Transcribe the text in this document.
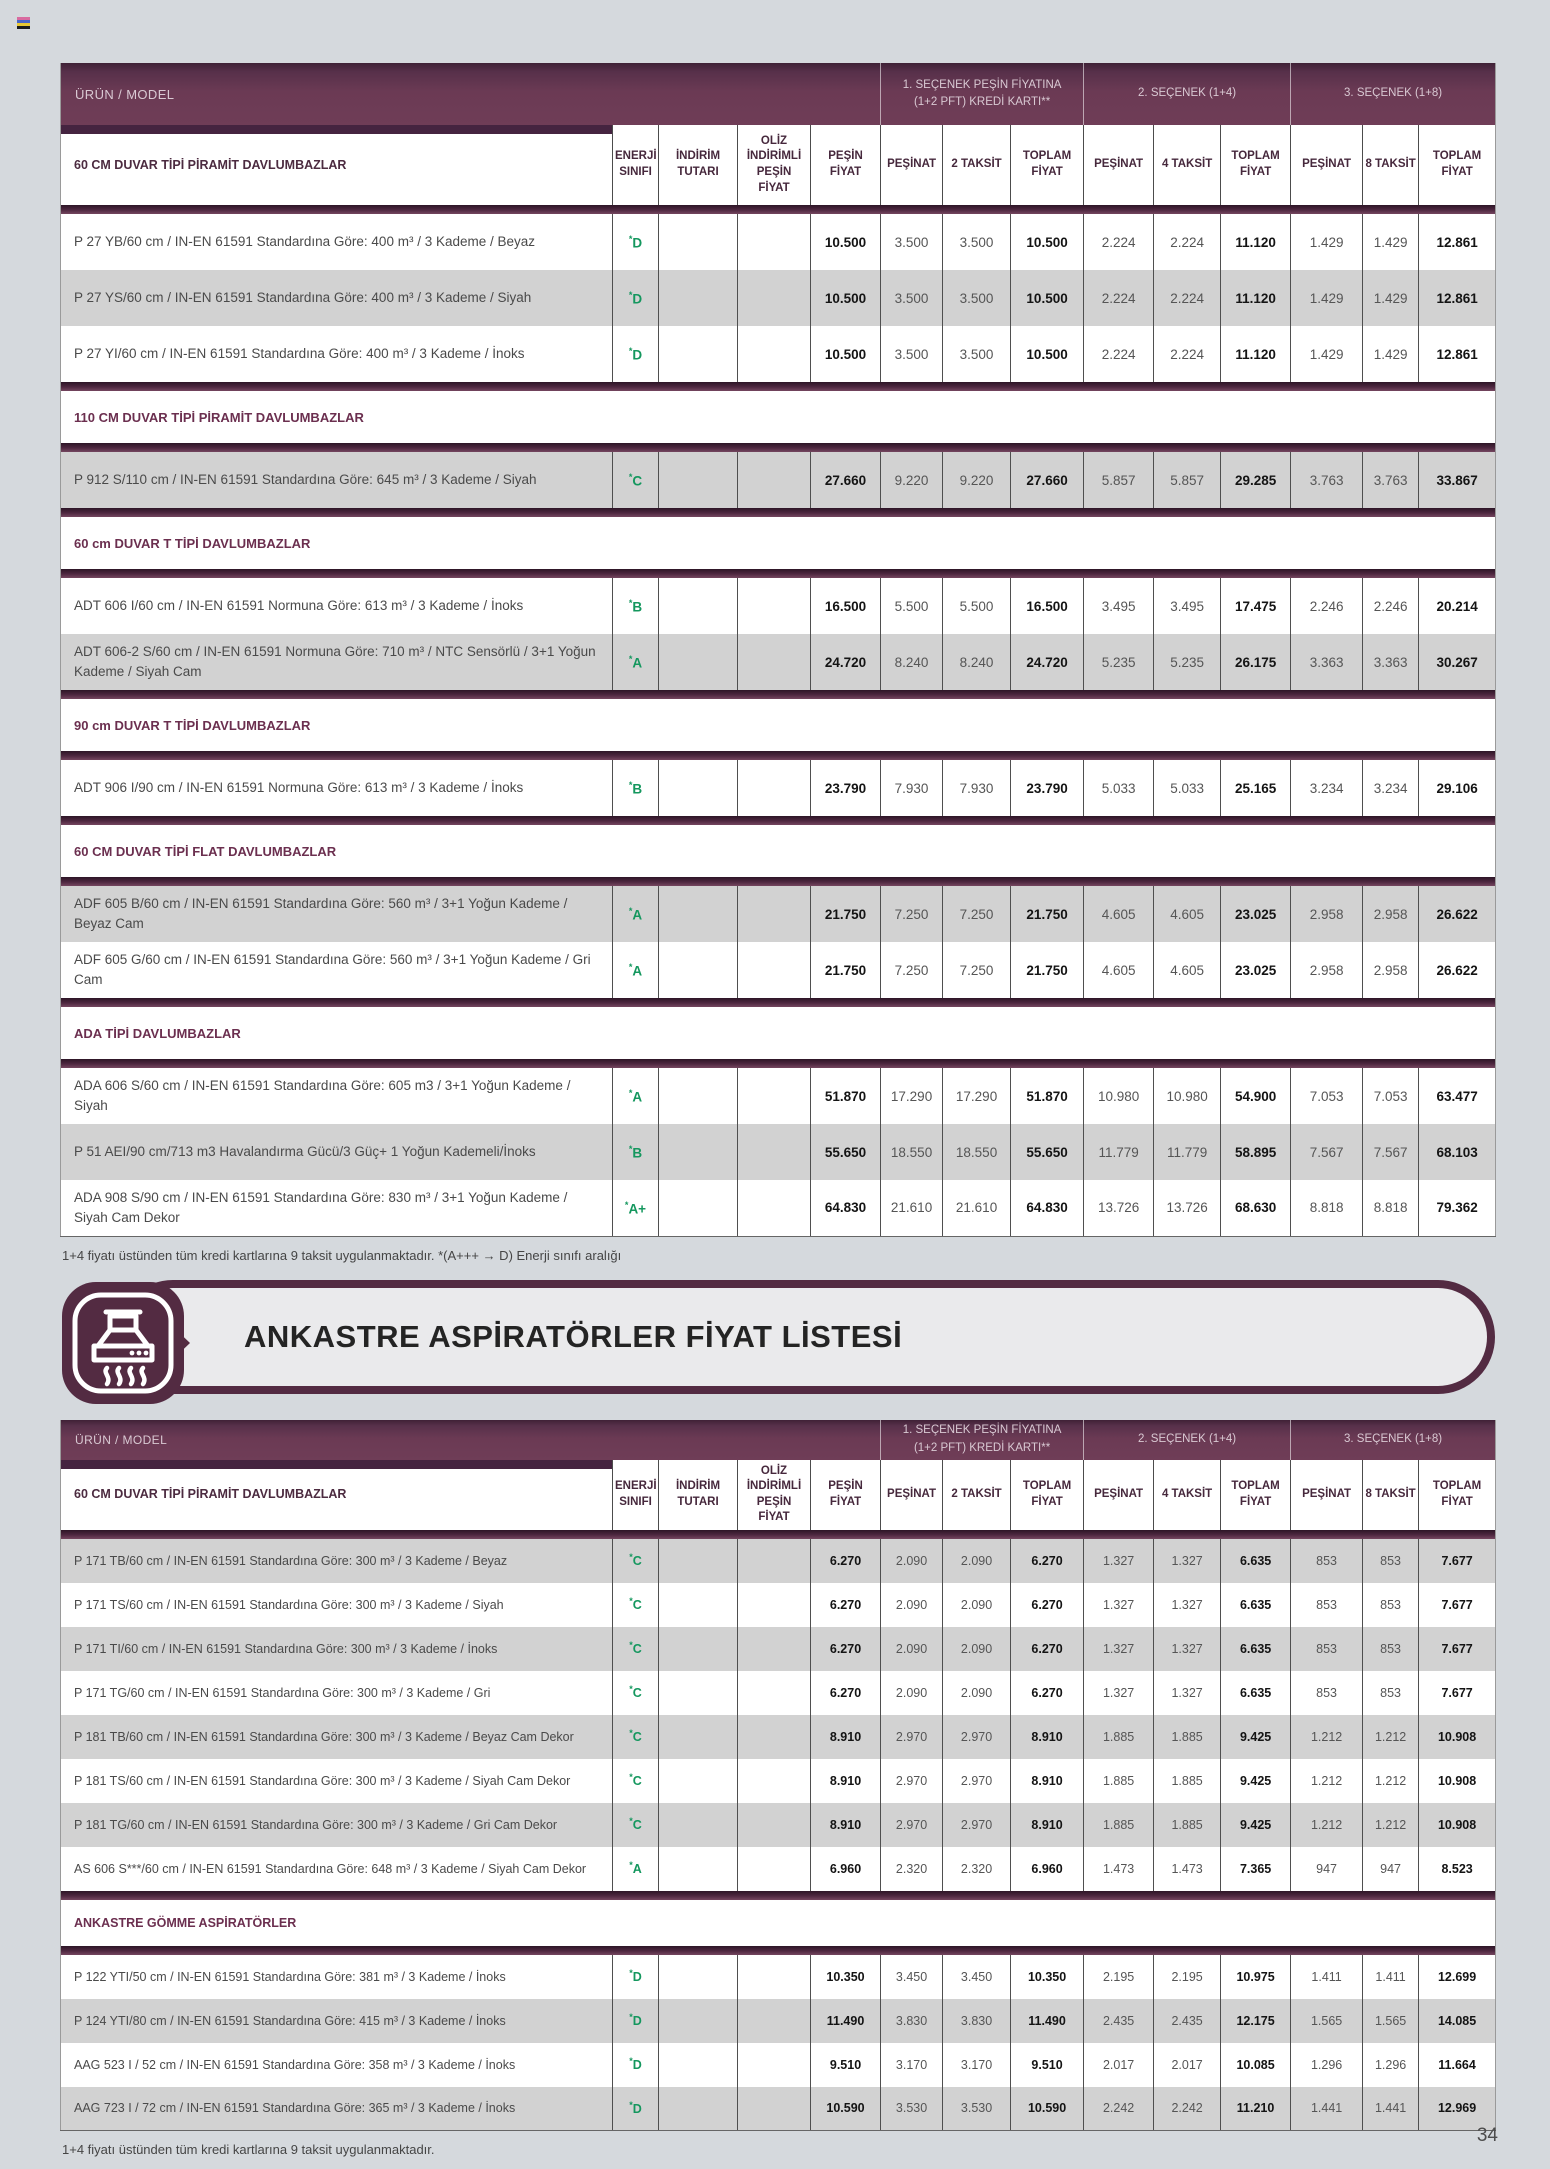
ÜRÜN / MODEL					1. SEÇENEK PEŞİN FİYATINA
(1+2 PFT) KREDİ KARTI**			2. SEÇENEK (1+4)			3. SEÇENEK (1+8)		
60 CM DUVAR TİPİ PİRAMİT DAVLUMBAZLAR	ENERJİ SINIFI	İNDİRİM TUTARI	OLİZ İNDİRİMLİ PEŞİN FİYAT	PEŞİN FİYAT	PEŞİNAT	2 TAKSİT	TOPLAM FİYAT	PEŞİNAT	4 TAKSİT	TOPLAM FİYAT	PEŞİNAT	8 TAKSİT	TOPLAM FİYAT

P 27 YB/60 cm / IN-EN 61591 Standardına Göre: 400 m³ / 3 Kademe / Beyaz	*D			10.500	3.500	3.500	10.500	2.224	2.224	11.120	1.429	1.429	12.861
P 27 YS/60 cm / IN-EN 61591 Standardına Göre: 400 m³ / 3 Kademe / Siyah	*D			10.500	3.500	3.500	10.500	2.224	2.224	11.120	1.429	1.429	12.861
P 27 YI/60 cm / IN-EN 61591 Standardına Göre: 400 m³ / 3 Kademe / İnoks	*D			10.500	3.500	3.500	10.500	2.224	2.224	11.120	1.429	1.429	12.861

110 CM DUVAR TİPİ PİRAMİT DAVLUMBAZLAR													

P 912 S/110 cm / IN-EN 61591 Standardına Göre: 645 m³ / 3 Kademe / Siyah	*C			27.660	9.220	9.220	27.660	5.857	5.857	29.285	3.763	3.763	33.867

60 cm DUVAR T TİPİ DAVLUMBAZLAR													

ADT 606 I/60 cm / IN-EN 61591 Normuna Göre: 613 m³ / 3 Kademe / İnoks	*B			16.500	5.500	5.500	16.500	3.495	3.495	17.475	2.246	2.246	20.214
ADT 606-2 S/60 cm / IN-EN 61591 Normuna Göre: 710 m³ / NTC Sensörlü / 3+1 Yoğun Kademe / Siyah Cam	*A			24.720	8.240	8.240	24.720	5.235	5.235	26.175	3.363	3.363	30.267

90 cm DUVAR T TİPİ DAVLUMBAZLAR													

ADT 906 I/90 cm / IN-EN 61591 Normuna Göre: 613 m³ / 3 Kademe / İnoks	*B			23.790	7.930	7.930	23.790	5.033	5.033	25.165	3.234	3.234	29.106

60 CM DUVAR TİPİ FLAT DAVLUMBAZLAR													

ADF 605 B/60 cm / IN-EN 61591 Standardına Göre: 560 m³ / 3+1 Yoğun Kademe / Beyaz Cam	*A			21.750	7.250	7.250	21.750	4.605	4.605	23.025	2.958	2.958	26.622
ADF 605 G/60 cm / IN-EN 61591 Standardına Göre: 560 m³ / 3+1 Yoğun Kademe / Gri Cam	*A			21.750	7.250	7.250	21.750	4.605	4.605	23.025	2.958	2.958	26.622

ADA TİPİ DAVLUMBAZLAR													

ADA 606 S/60 cm / IN-EN 61591 Standardına Göre: 605 m3 / 3+1 Yoğun Kademe / Siyah	*A			51.870	17.290	17.290	51.870	10.980	10.980	54.900	7.053	7.053	63.477
P 51 AEI/90 cm/713 m3 Havalandırma Gücü/3 Güç+ 1 Yoğun Kademeli/İnoks	*B			55.650	18.550	18.550	55.650	11.779	11.779	58.895	7.567	7.567	68.103
ADA 908 S/90 cm / IN-EN 61591 Standardına Göre: 830 m³ / 3+1 Yoğun Kademe / Siyah Cam Dekor	*A+			64.830	21.610	21.610	64.830	13.726	13.726	68.630	8.818	8.818	79.362
1+4 fiyatı üstünden tüm kredi kartlarına 9 taksit uygulanmaktadır. *(A+++ → D) Enerji sınıfı aralığı
ANKASTRE ASPİRATÖRLER FİYAT LİSTESİ
ÜRÜN / MODEL					1. SEÇENEK PEŞİN FİYATINA
(1+2 PFT) KREDİ KARTI**			2. SEÇENEK (1+4)			3. SEÇENEK (1+8)		
60 CM DUVAR TİPİ PİRAMİT DAVLUMBAZLAR	ENERJİ SINIFI	İNDİRİM TUTARI	OLİZ İNDİRİMLİ PEŞİN FİYAT	PEŞİN FİYAT	PEŞİNAT	2 TAKSİT	TOPLAM FİYAT	PEŞİNAT	4 TAKSİT	TOPLAM FİYAT	PEŞİNAT	8 TAKSİT	TOPLAM FİYAT

P 171 TB/60 cm / IN-EN 61591 Standardına Göre: 300 m³ / 3 Kademe / Beyaz	*C			6.270	2.090	2.090	6.270	1.327	1.327	6.635	853	853	7.677
P 171 TS/60 cm / IN-EN 61591 Standardına Göre: 300 m³ / 3 Kademe / Siyah	*C			6.270	2.090	2.090	6.270	1.327	1.327	6.635	853	853	7.677
P 171 TI/60 cm / IN-EN 61591 Standardına Göre: 300 m³ / 3 Kademe / İnoks	*C			6.270	2.090	2.090	6.270	1.327	1.327	6.635	853	853	7.677
P 171 TG/60 cm / IN-EN 61591 Standardına Göre: 300 m³ / 3 Kademe / Gri	*C			6.270	2.090	2.090	6.270	1.327	1.327	6.635	853	853	7.677
P 181 TB/60 cm / IN-EN 61591 Standardına Göre: 300 m³ / 3 Kademe / Beyaz Cam Dekor	*C			8.910	2.970	2.970	8.910	1.885	1.885	9.425	1.212	1.212	10.908
P 181 TS/60 cm / IN-EN 61591 Standardına Göre: 300 m³ / 3 Kademe / Siyah Cam Dekor	*C			8.910	2.970	2.970	8.910	1.885	1.885	9.425	1.212	1.212	10.908
P 181 TG/60 cm / IN-EN 61591 Standardına Göre: 300 m³ / 3 Kademe / Gri Cam Dekor	*C			8.910	2.970	2.970	8.910	1.885	1.885	9.425	1.212	1.212	10.908
AS 606 S***/60 cm / IN-EN 61591 Standardına Göre: 648 m³ / 3 Kademe / Siyah Cam Dekor	*A			6.960	2.320	2.320	6.960	1.473	1.473	7.365	947	947	8.523

ANKASTRE GÖMME ASPİRATÖRLER													

P 122 YTI/50 cm / IN-EN 61591 Standardına Göre: 381 m³ / 3 Kademe / İnoks	*D			10.350	3.450	3.450	10.350	2.195	2.195	10.975	1.411	1.411	12.699
P 124 YTI/80 cm / IN-EN 61591 Standardına Göre: 415 m³ / 3 Kademe / İnoks	*D			11.490	3.830	3.830	11.490	2.435	2.435	12.175	1.565	1.565	14.085
AAG 523 I / 52 cm / IN-EN 61591 Standardına Göre: 358 m³ / 3 Kademe / İnoks	*D			9.510	3.170	3.170	9.510	2.017	2.017	10.085	1.296	1.296	11.664
AAG 723 I / 72 cm / IN-EN 61591 Standardına Göre: 365 m³ / 3 Kademe / İnoks	*D			10.590	3.530	3.530	10.590	2.242	2.242	11.210	1.441	1.441	12.969
1+4 fiyatı üstünden tüm kredi kartlarına 9 taksit uygulanmaktadır.
34
